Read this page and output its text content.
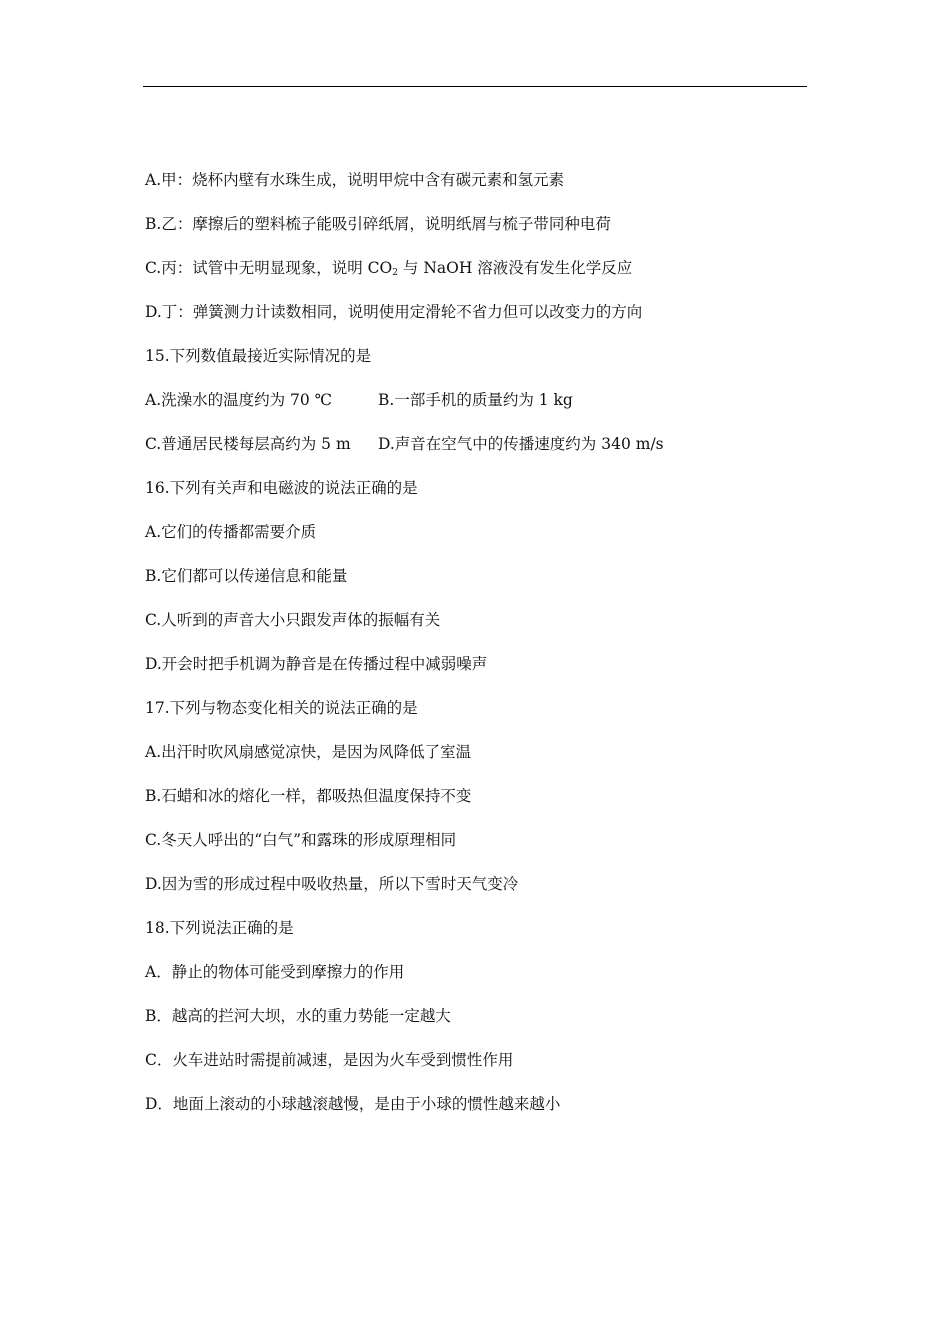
A.甲：烧杯内壁有水珠生成，说明甲烷中含有碳元素和氢元素
B.乙：摩擦后的塑料梳子能吸引碎纸屑，说明纸屑与梳子带同种电荷
C.丙：试管中无明显现象，说明 $CO_2$ 与 NaOH 溶液没有发生化学反应
D.丁：弹簧测力计读数相同，说明使用定滑轮不省力但可以改变力的方向
15.下列数值最接近实际情况的是
A.洗澡水的温度约为 70 ℃	B.一部手机的质量约为 1 kg
C.普通居民楼每层高约为 5 m	D.声音在空气中的传播速度约为 340 m/s
16.下列有关声和电磁波的说法正确的是
A.它们的传播都需要介质
B.它们都可以传递信息和能量
C.人听到的声音大小只跟发声体的振幅有关
D.开会时把手机调为静音是在传播过程中减弱噪声
17.下列与物态变化相关的说法正确的是
A.出汗时吹风扇感觉凉快，是因为风降低了室温
B.石蜡和冰的熔化一样，都吸热但温度保持不变
C.冬天人呼出的“白气”和露珠的形成原理相同
D.因为雪的形成过程中吸收热量，所以下雪时天气变冷
18.下列说法正确的是
A．静止的物体可能受到摩擦力的作用
B．越高的拦河大坝，水的重力势能一定越大
C．火车进站时需提前减速，是因为火车受到惯性作用
D．地面上滚动的小球越滚越慢，是由于小球的惯性越来越小
